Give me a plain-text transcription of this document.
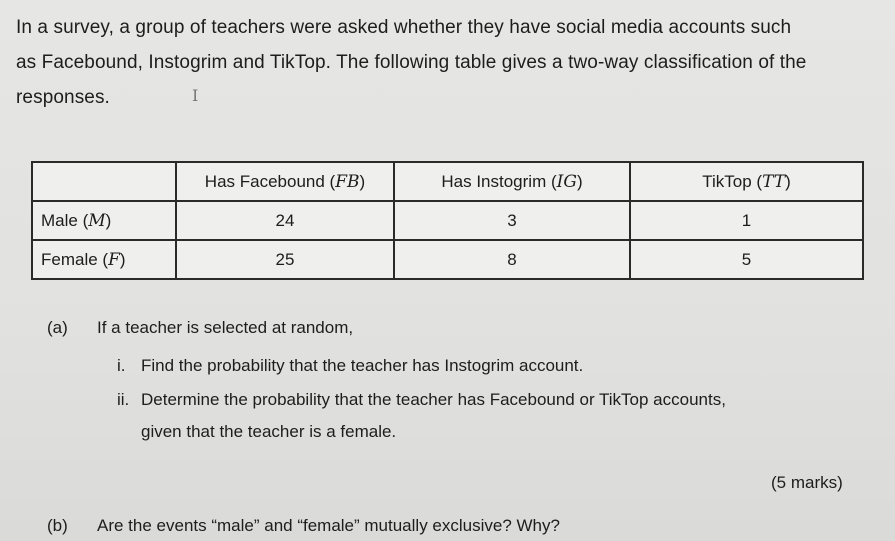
In a survey, a group of teachers were asked whether they have social media accounts such

as Facebound, Instogrim and TikTop. The following table gives a two-way classification of the

responses.	I
	Has Facebound (FB)	Has Instogrim (IG)	TikTop (TT)
Male (M)	24	3	1
Female (F)	25	8	5
(a) If a teacher is selected at random,
i. Find the probability that the teacher has Instogrim account.
ii. Determine the probability that the teacher has Facebound or TikTop accounts,
given that the teacher is a female.
(5 marks)
(b) Are the events “male” and “female” mutually exclusive? Why?
